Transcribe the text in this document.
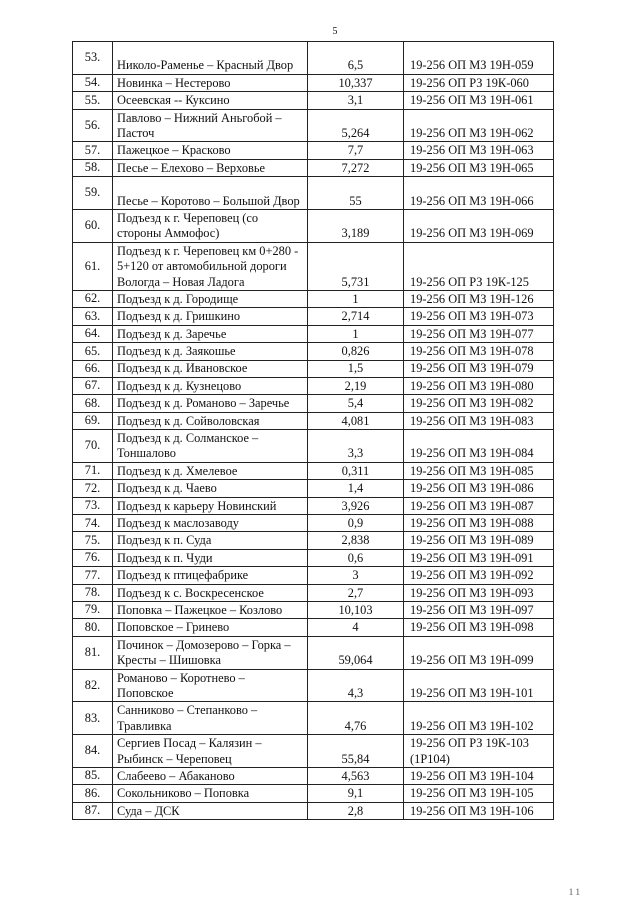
5
53.	Николо-Раменье – Красный Двор	6,5	19-256 ОП МЗ 19Н-059
54.	Новинка – Нестерово	10,337	19-256 ОП РЗ 19К-060
55.	Осеевская -- Куксино	3,1	19-256 ОП МЗ 19Н-061
56.	Павлово – Нижний Аньгобой – Пасточ	5,264	19-256 ОП МЗ 19Н-062
57.	Пажецкое – Красково	7,7	19-256 ОП МЗ 19Н-063
58.	Песье – Елехово – Верховье	7,272	19-256 ОП МЗ 19Н-065
59.	Песье – Коротово – Большой Двор	55	19-256 ОП МЗ 19Н-066
60.	Подъезд к г. Череповец (со стороны Аммофос)	3,189	19-256 ОП МЗ 19Н-069
61.	Подъезд к г. Череповец км 0+280 - 5+120 от автомобильной дороги Вологда – Новая Ладога	5,731	19-256 ОП РЗ 19К-125
62.	Подъезд к д. Городище	1	19-256 ОП МЗ 19Н-126
63.	Подъезд к д. Гришкино	2,714	19-256 ОП МЗ 19Н-073
64.	Подъезд к д. Заречье	1	19-256 ОП МЗ 19Н-077
65.	Подъезд к д. Заякошье	0,826	19-256 ОП МЗ 19Н-078
66.	Подъезд к д. Ивановское	1,5	19-256 ОП МЗ 19Н-079
67.	Подъезд к д. Кузнецово	2,19	19-256 ОП МЗ 19Н-080
68.	Подъезд к д. Романово – Заречье	5,4	19-256 ОП МЗ 19Н-082
69.	Подъезд к д. Сойволовская	4,081	19-256 ОП МЗ 19Н-083
70.	Подъезд к д. Солманское – Тоншалово	3,3	19-256 ОП МЗ 19Н-084
71.	Подъезд к д. Хмелевое	0,311	19-256 ОП МЗ 19Н-085
72.	Подъезд к д. Чаево	1,4	19-256 ОП МЗ 19Н-086
73.	Подъезд к карьеру Новинский	3,926	19-256 ОП МЗ 19Н-087
74.	Подъезд к маслозаводу	0,9	19-256 ОП МЗ 19Н-088
75.	Подъезд к п. Суда	2,838	19-256 ОП МЗ 19Н-089
76.	Подъезд к п. Чуди	0,6	19-256 ОП МЗ 19Н-091
77.	Подъезд к птицефабрике	3	19-256 ОП МЗ 19Н-092
78.	Подъезд к с. Воскресенское	2,7	19-256 ОП МЗ 19Н-093
79.	Поповка – Пажецкое – Козлово	10,103	19-256 ОП МЗ 19Н-097
80.	Поповское – Гринево	4	19-256 ОП МЗ 19Н-098
81.	Починок – Домозерово – Горка – Кресты – Шишовка	59,064	19-256 ОП МЗ 19Н-099
82.	Романово – Коротнево – Поповское	4,3	19-256 ОП МЗ 19Н-101
83.	Санниково – Степанково – Травливка	4,76	19-256 ОП МЗ 19Н-102
84.	Сергиев Посад – Калязин – Рыбинск – Череповец	55,84	19-256 ОП РЗ 19К-103 (1Р104)
85.	Слабеево – Абаканово	4,563	19-256 ОП МЗ 19Н-104
86.	Сокольниково – Поповка	9,1	19-256 ОП МЗ 19Н-105
87.	Суда – ДСК	2,8	19-256 ОП МЗ 19Н-106
1 1
